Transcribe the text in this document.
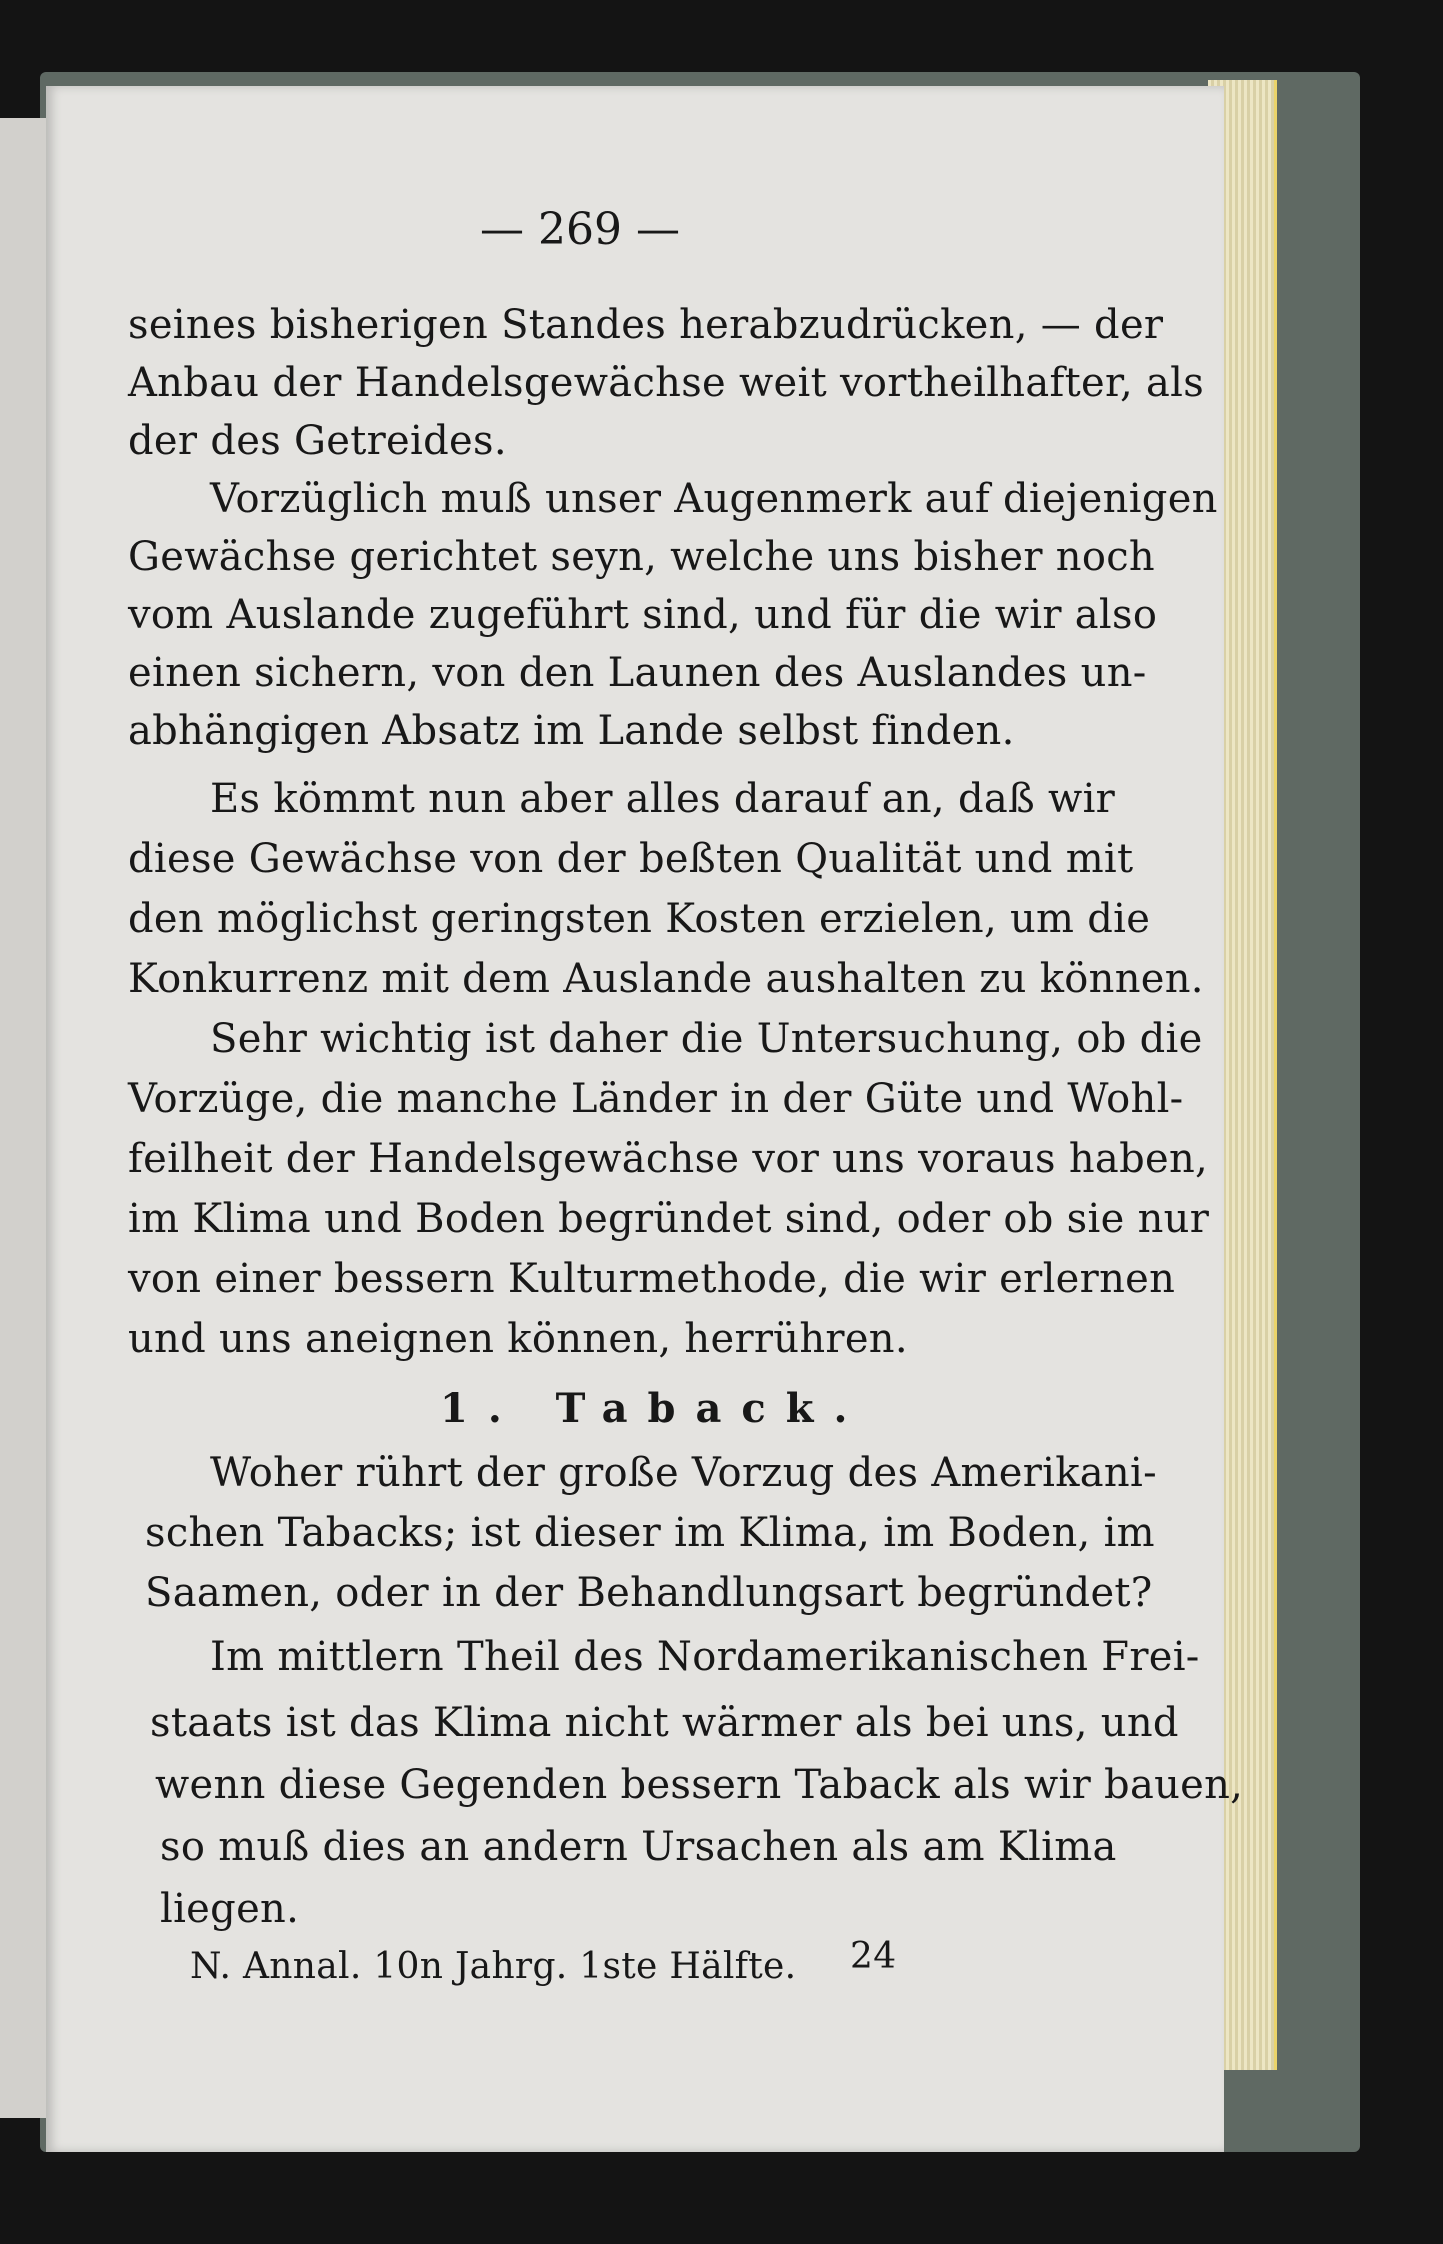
— 269 —
seines bisherigen Standes herabzudrücken, — der
Anbau der Handelsgewächse weit vortheilhafter, als
der des Getreides.
Vorzüglich muß unser Augenmerk auf diejenigen
Gewächse gerichtet seyn, welche uns bisher noch
vom Auslande zugeführt sind, und für die wir also
einen sichern, von den Launen des Auslandes un-
abhängigen Absatz im Lande selbst finden.
Es kömmt nun aber alles darauf an, daß wir
diese Gewächse von der beßten Qualität und mit
den möglichst geringsten Kosten erzielen, um die
Konkurrenz mit dem Auslande aushalten zu können.
Sehr wichtig ist daher die Untersuchung, ob die
Vorzüge, die manche Länder in der Güte und Wohl-
feilheit der Handelsgewächse vor uns voraus haben,
im Klima und Boden begründet sind, oder ob sie nur
von einer bessern Kulturmethode, die wir erlernen
und uns aneignen können, herrühren.
1. Taback.
Woher rührt der große Vorzug des Amerikani-
schen Tabacks; ist dieser im Klima, im Boden, im
Saamen, oder in der Behandlungsart begründet?
Im mittlern Theil des Nordamerikanischen Frei-
staats ist das Klima nicht wärmer als bei uns, und
wenn diese Gegenden bessern Taback als wir bauen,
so muß dies an andern Ursachen als am Klima
liegen.
N. Annal. 10n Jahrg. 1ste Hälfte. 24
